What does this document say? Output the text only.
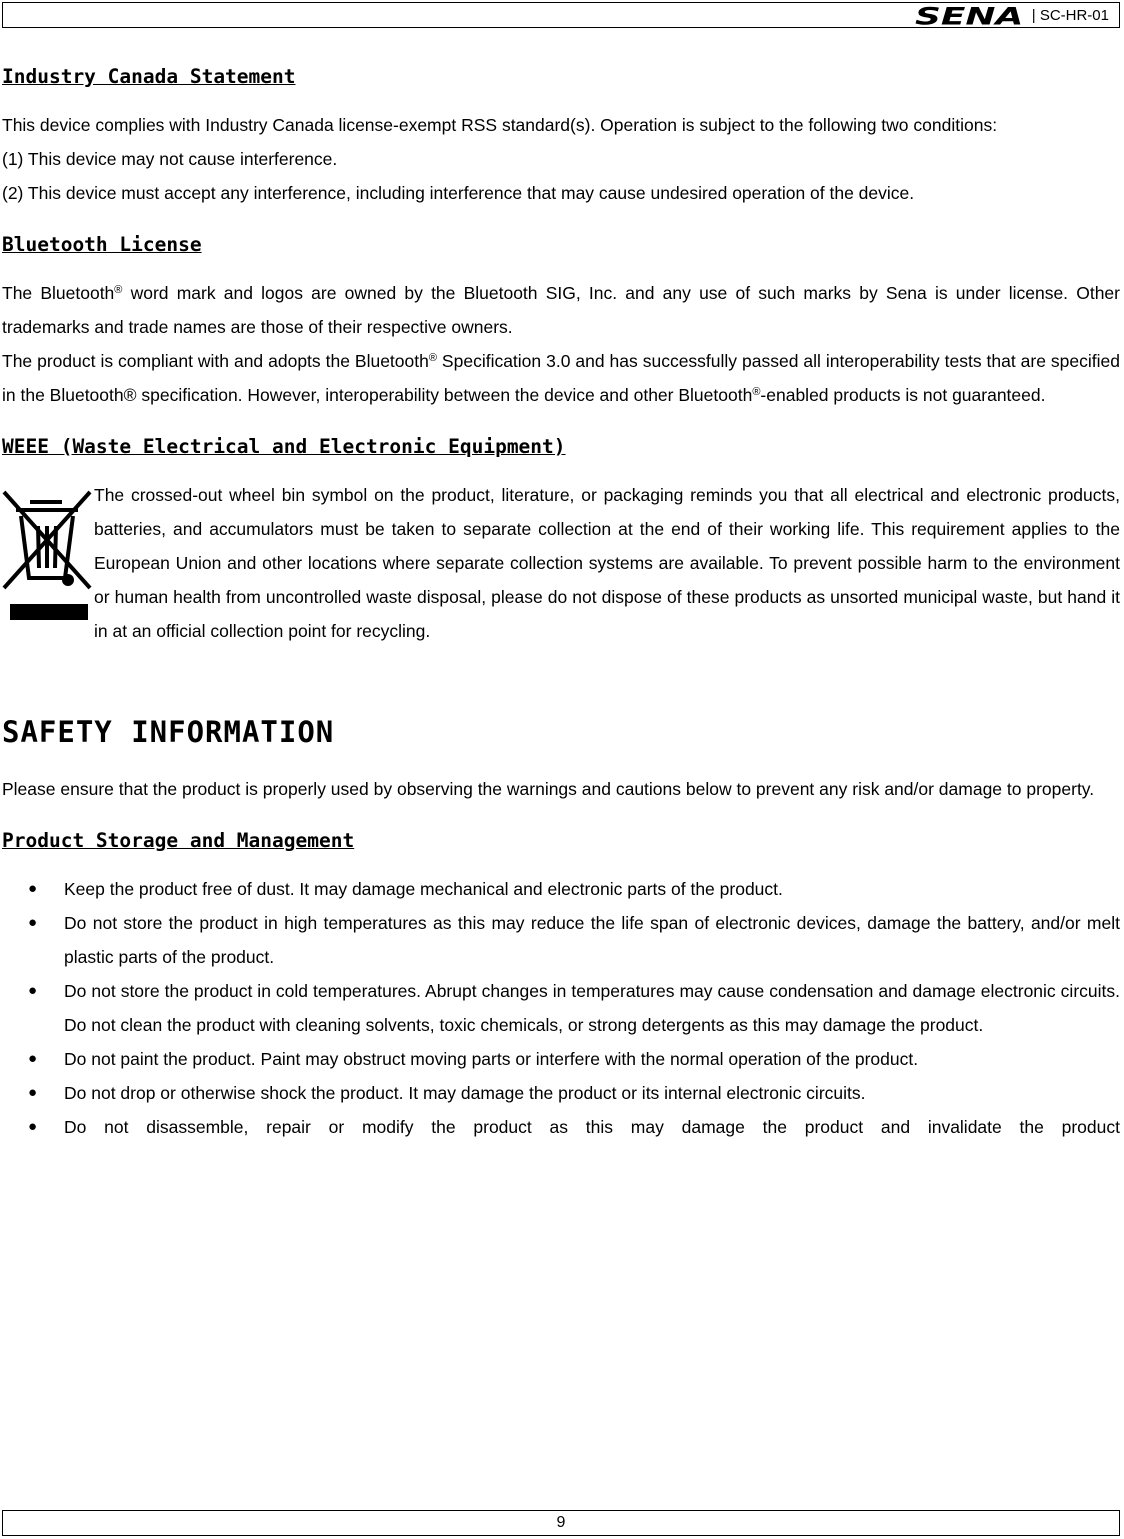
SENA | SC-HR-01
Industry Canada Statement

This device complies with Industry Canada license-exempt RSS standard(s). Operation is subject to the following two conditions:

(1) This device may not cause interference.

(2) This device must accept any interference, including interference that may cause undesired operation of the device.

Bluetooth License

The Bluetooth® word mark and logos are owned by the Bluetooth SIG, Inc. and any use of such marks by Sena is under license. Other trademarks and trade names are those of their respective owners.

The product is compliant with and adopts the Bluetooth® Specification 3.0 and has successfully passed all interoperability tests that are specified in the Bluetooth® specification. However, interoperability between the device and other Bluetooth®-enabled products is not guaranteed.

WEEE (Waste Electrical and Electronic Equipment)

The crossed-out wheel bin symbol on the product, literature, or packaging reminds you that all electrical and electronic products, batteries, and accumulators must be taken to separate collection at the end of their working life. This requirement applies to the European Union and other locations where separate collection systems are available. To prevent possible harm to the environment or human health from uncontrolled waste disposal, please do not dispose of these products as unsorted municipal waste, but hand it in at an official collection point for recycling.

SAFETY INFORMATION

Please ensure that the product is properly used by observing the warnings and cautions below to prevent any risk and/or damage to property.

Product Storage and Management
● Keep the product free of dust. It may damage mechanical and electronic parts of the product.
● Do not store the product in high temperatures as this may reduce the life span of electronic devices, damage the battery, and/or melt plastic parts of the product.
● Do not store the product in cold temperatures. Abrupt changes in temperatures may cause condensation and damage electronic circuits. Do not clean the product with cleaning solvents, toxic chemicals, or strong detergents as this may damage the product.
● Do not paint the product. Paint may obstruct moving parts or interfere with the normal operation of the product.
● Do not drop or otherwise shock the product. It may damage the product or its internal electronic circuits.
● Do not disassemble, repair or modify the product as this may damage the product and invalidate the product
9
